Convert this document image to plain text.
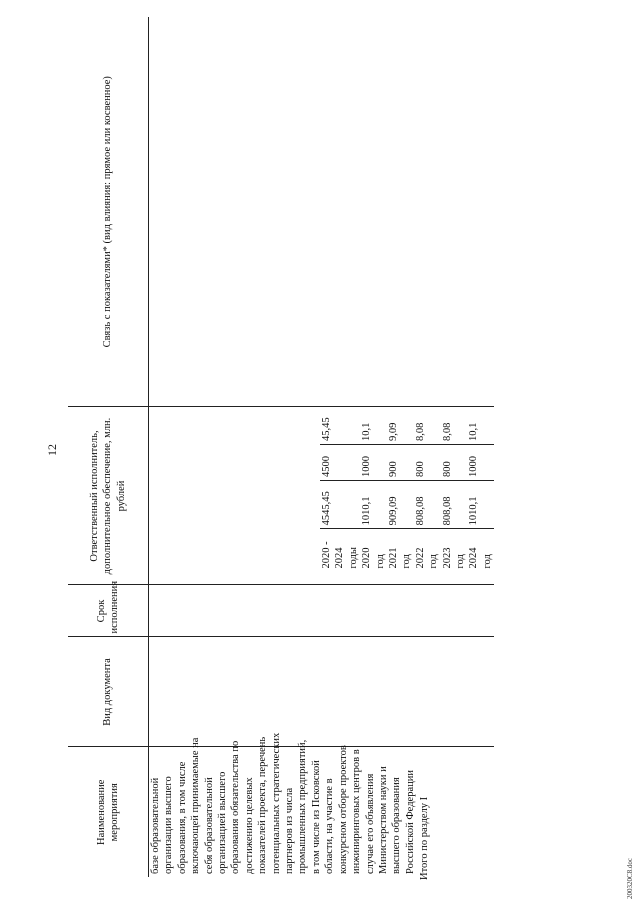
12
Наименование мероприятия	Вид документа	Срок исполнения	Ответственный исполнитель, дополнительное обеспечение, млн. рублей	Связь с показателями* (вид влияния: прямое или косвенное)

базе образовательной организации высшего образования, в том числе включающей принимаемые на себя образовательной организацией высшего образования обязательства по достижению целевых показателей проекта, перечень потенциальных стратегических партнеров из числа промышленных предприятий, в том числе из Псковской области, на участие в конкурсном отборе проектов инжиниринговых центров в случае его объявления Министерством науки и высшего образования Российской Федерации Итого по разделу I

2020 - 2024 годы	4545,45	4500	45,45
2020 год	1010,1	1000	10,1
2021 год	909,09	900	9,09
2022 год	808,08	800	8,08
2023 год	808,08	800	8,08
2024 год	1010,1	1000	10,1

200320C8.doc
